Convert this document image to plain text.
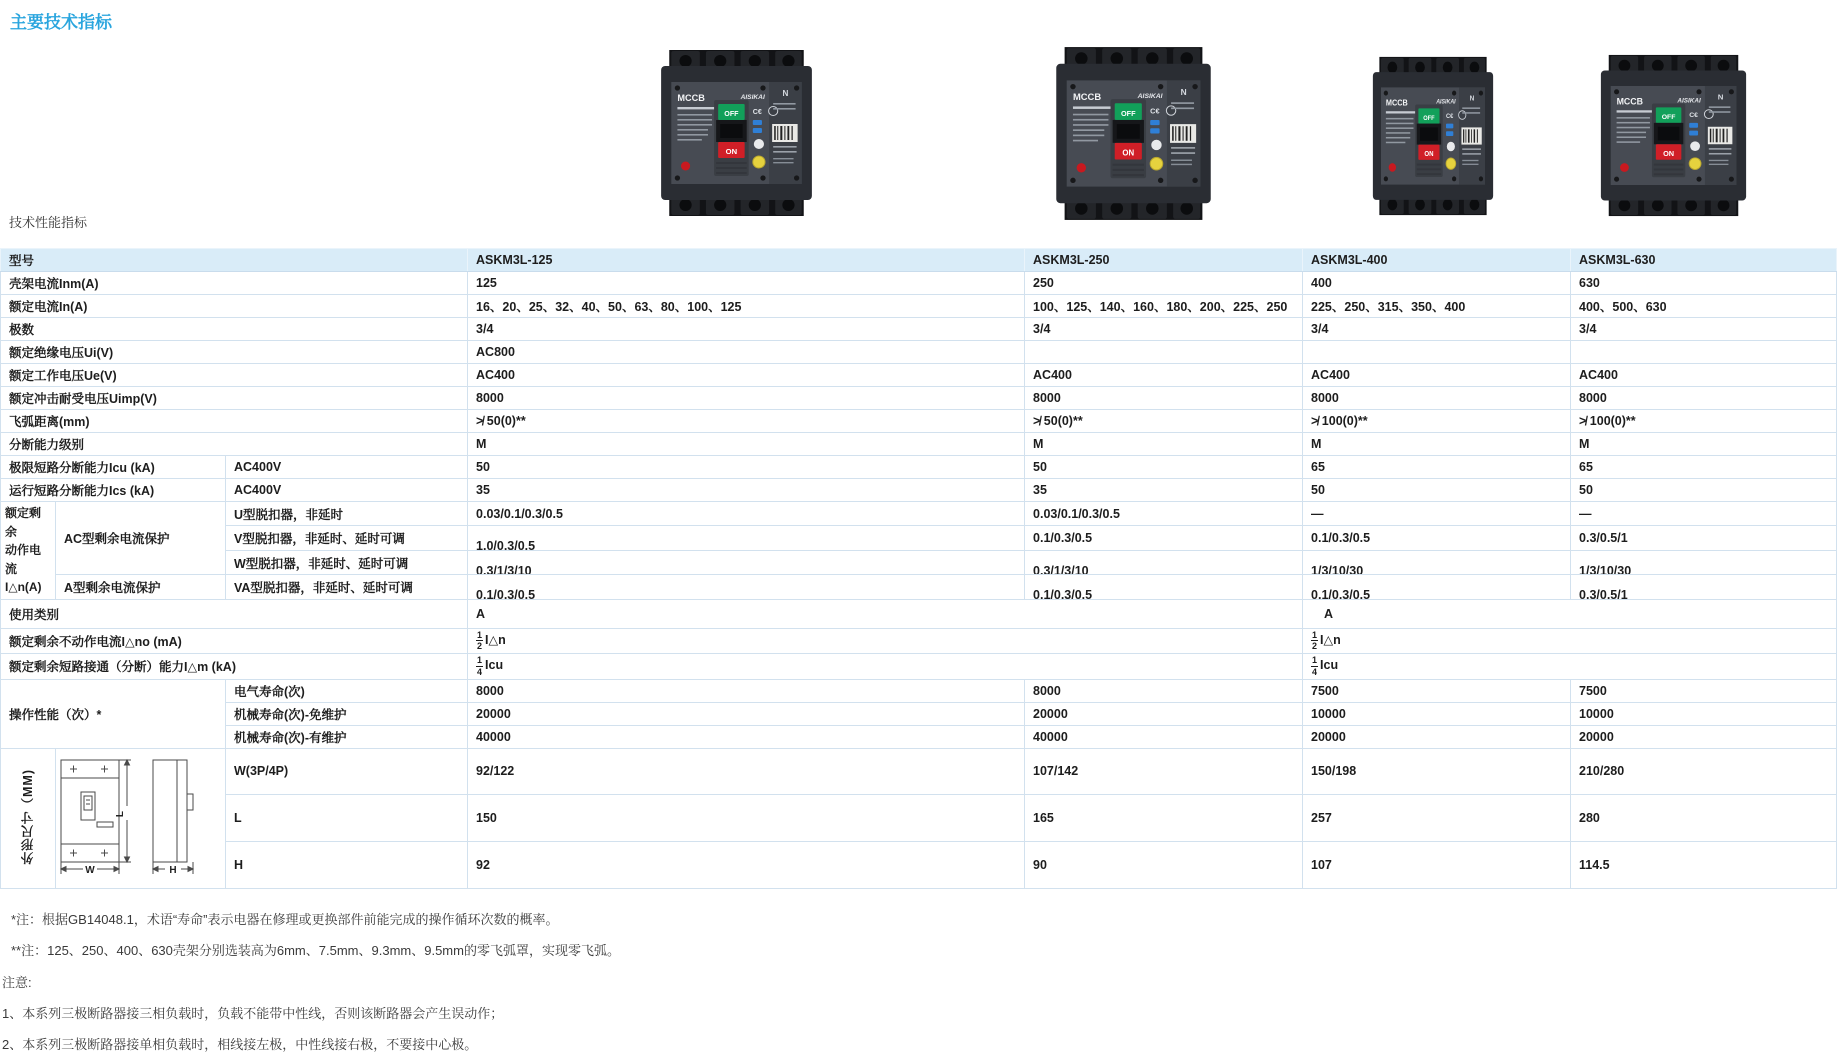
主要技术指标
技术性能指标
型号			ASKM3L-125	ASKM3L-250	ASKM3L-400	ASKM3L-630
壳架电流Inm(A)			125	250	400	630
额定电流In(A)			16、20、25、32、40、50、63、80、100、125	100、125、140、160、180、200、225、250	225、250、315、350、400	400、500、630
极数			3/4	3/4	3/4	3/4
额定绝缘电压Ui(V)			AC800			
额定工作电压Ue(V)			AC400	AC400	AC400	AC400
额定冲击耐受电压Uimp(V)			8000	8000	8000	8000
飞弧距离(mm)			≯ 50(0)**	≯ 50(0)**	≯ 100(0)**	≯ 100(0)**
分断能力级别			M	M	M	M
极限短路分断能力Icu (kA)		AC400V	50	50	65	65
运行短路分断能力Ics (kA)		AC400V	35	35	50	50
额定剩余
动作电流
I△n(A)	AC型剩余电流保护	U型脱扣器，非延时	0.03/0.1/0.3/0.5	0.03/0.1/0.3/0.5	—	—
		V型脱扣器，非延时、延时可调	1.0/0.3/0.5	0.1/0.3/0.5	0.1/0.3/0.5	0.3/0.5/1
		W型脱扣器，非延时、延时可调	0.3/1/3/10	0.3/1/3/10	1/3/10/30	1/3/10/30
	A型剩余电流保护	VA型脱扣器，非延时、延时可调	0.1/0.3/0.5	0.1/0.3/0.5	0.1/0.3/0.5	0.3/0.5/1
使用类别			A		A	
额定剩余不动作电流I△no (mA)			$\frac{1}{2}$ I△n		$\frac{1}{2}$ I△n	
额定剩余短路接通（分断）能力I△m (kA)			$\frac{1}{4}$ Icu		$\frac{1}{4}$ Icu	
操作性能（次）*		电气寿命(次)	8000	8000	7500	7500
		机械寿命(次)-免维护	20000	20000	10000	10000
		机械寿命(次)-有维护	40000	40000	20000	20000
外形尺寸（MM)	L
W H	W(3P/4P)	92/122	107/142	150/198	210/280
		L	150	165	257	280
		H	92	90	107	114.5
*注：根据GB14048.1，术语“寿命”表示电器在修理或更换部件前能完成的操作循环次数的概率。
**注：125、250、400、630壳架分别选装高为6mm、7.5mm、9.3mm、9.5mm的零飞弧罩，实现零飞弧。
注意:
1、本系列三极断路器接三相负载时，负载不能带中性线，否则该断路器会产生误动作；
2、本系列三极断路器接单相负载时，相线接左极，中性线接右极，不要接中心极。
